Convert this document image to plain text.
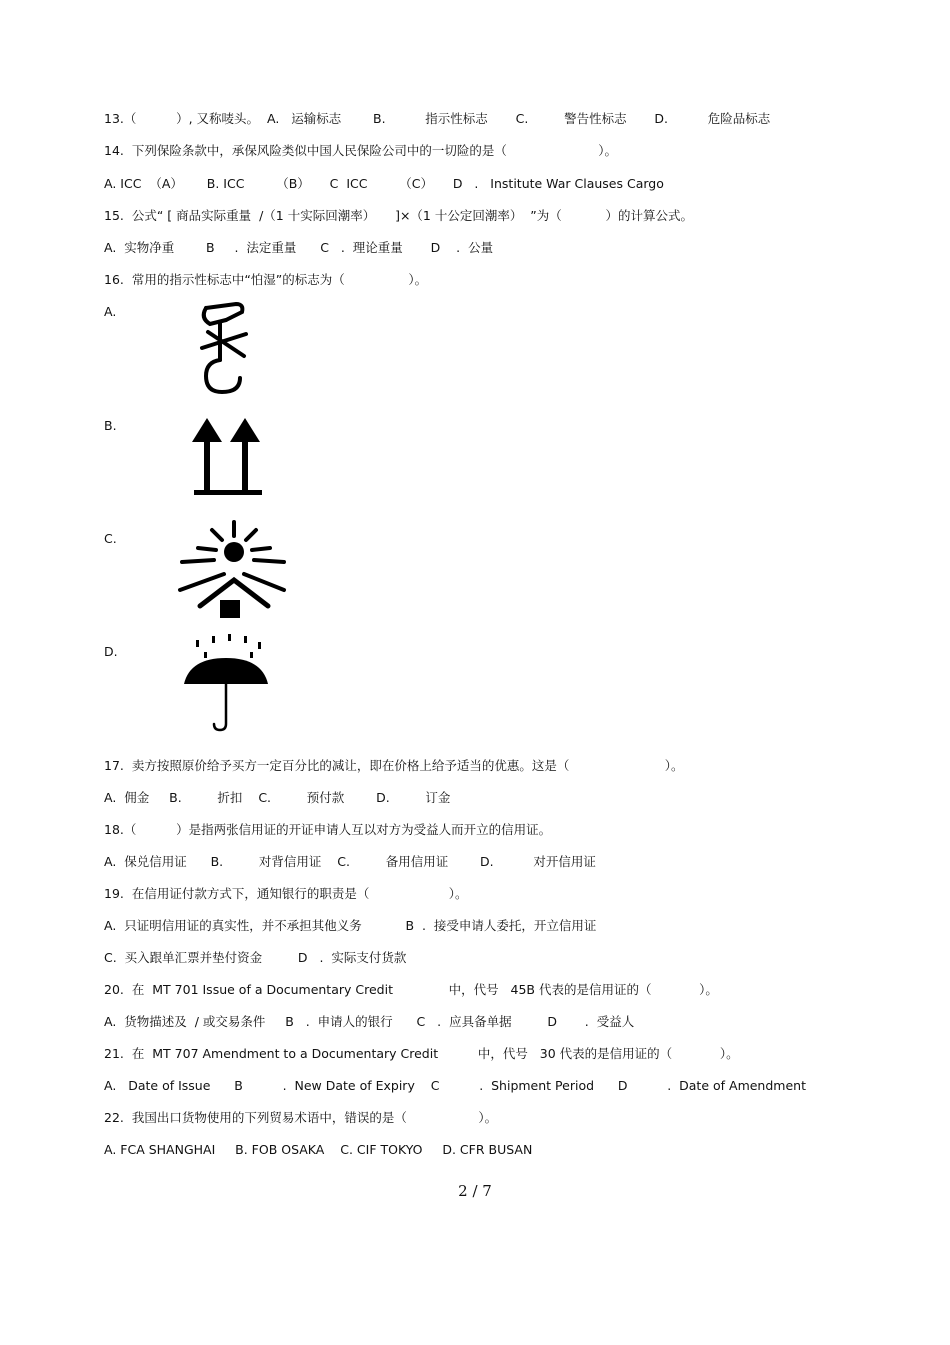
13.（          ）, 又称唛头。  A.   运输标志        B.          指示性标志       C.         警告性标志       D.          危险品标志
14.  下列保险条款中，承保风险类似中国人民保险公司中的一切险的是（                       ）。
A. ICC  （A）      B. ICC        （B）     C  ICC        （C）     D   .   Institute War Clauses Cargo
15.  公式“ [ 商品实际重量  /（1 十实际回潮率）     ]×（1 十公定回潮率）  ”为（           ）的计算公式。
A.  实物净重        B     .  法定重量      C   .  理论重量       D    .  公量
16.  常用的指示性标志中“怕湿”的标志为（                ）。
A.
B.
C.
D.
17.  卖方按照原价给予买方一定百分比的减让，即在价格上给予适当的优惠。这是（                        ）。
A.  佣金     B.         折扣    C.         预付款        D.         订金
18.（          ）是指两张信用证的开证申请人互以对方为受益人而开立的信用证。
A.  保兑信用证      B.         对背信用证    C.         备用信用证        D.          对开信用证
19.  在信用证付款方式下，通知银行的职责是（                    ）。
A.  只证明信用证的真实性，并不承担其他义务           B  .  接受申请人委托，开立信用证
C.  买入跟单汇票并垫付资金         D   .  实际支付货款
20.  在  MT 701 Issue of a Documentary Credit              中，代号   45B 代表的是信用证的（            ）。
A.  货物描述及  / 或交易条件     B   .  申请人的银行      C   .  应具备单据         D       .  受益人
21.  在  MT 707 Amendment to a Documentary Credit          中，代号   30 代表的是信用证的（            ）。
A.   Date of Issue      B          .  New Date of Expiry    C          .  Shipment Period      D          .  Date of Amendment
22.  我国出口货物使用的下列贸易术语中，错误的是（                  ）。
A. FCA SHANGHAI     B. FOB OSAKA    C. CIF TOKYO     D. CFR BUSAN
2 / 7
